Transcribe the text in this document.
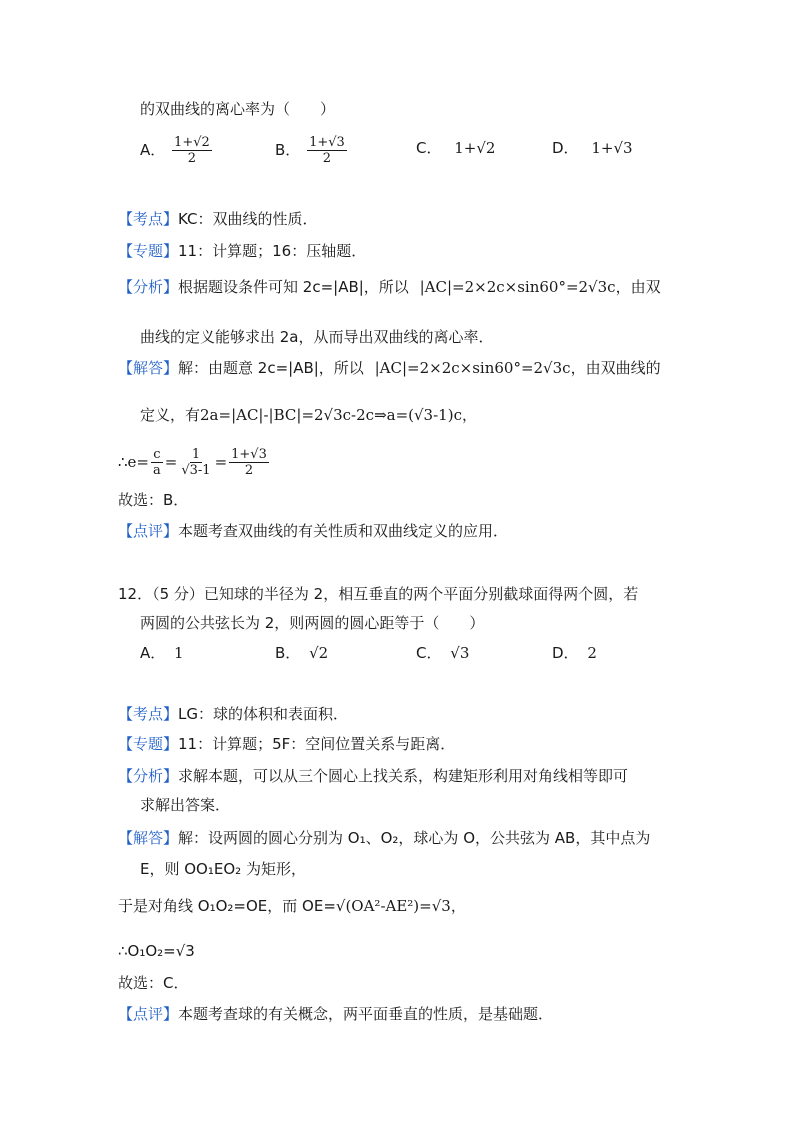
的双曲线的离心率为（　　）
A． $\frac{1+√2}{2}$	B． $\frac{1+√3}{2}$	C． 1+√2	D． 1+√3
【考点】KC：双曲线的性质．
【专题】11：计算题；16：压轴题．
【分析】根据题设条件可知 2c=|AB|，所以 |AC|=2×2c×sin60°=2√3c，由双
曲线的定义能够求出 2a，从而导出双曲线的离心率．
【解答】解：由题意 2c=|AB|，所以 |AC|=2×2c×sin60°=2√3c，由双曲线的
定义，有2a=|AC|-|BC|=2√3c-2c⇒a=(√3-1)c，
∴e= $\frac{c}{a} = \frac{1}{√3-1} = \frac{1+√3}{2}$
故选：B．
【点评】本题考查双曲线的有关性质和双曲线定义的应用．
12．（5 分）已知球的半径为 2，相互垂直的两个平面分别截球面得两个圆，若
两圆的公共弦长为 2，则两圆的圆心距等于（　　）
A． 1	B． √2	C． √3	D． 2
【考点】LG：球的体积和表面积．
【专题】11：计算题；5F：空间位置关系与距离．
【分析】求解本题，可以从三个圆心上找关系，构建矩形利用对角线相等即可
求解出答案．
【解答】解：设两圆的圆心分别为 O₁、O₂，球心为 O，公共弦为 AB，其中点为
E，则 OO₁EO₂ 为矩形，
于是对角线 O₁O₂=OE，而 OE=√(OA²-AE²)=√3，
∴O₁O₂=√3
故选：C．
【点评】本题考查球的有关概念，两平面垂直的性质，是基础题．
